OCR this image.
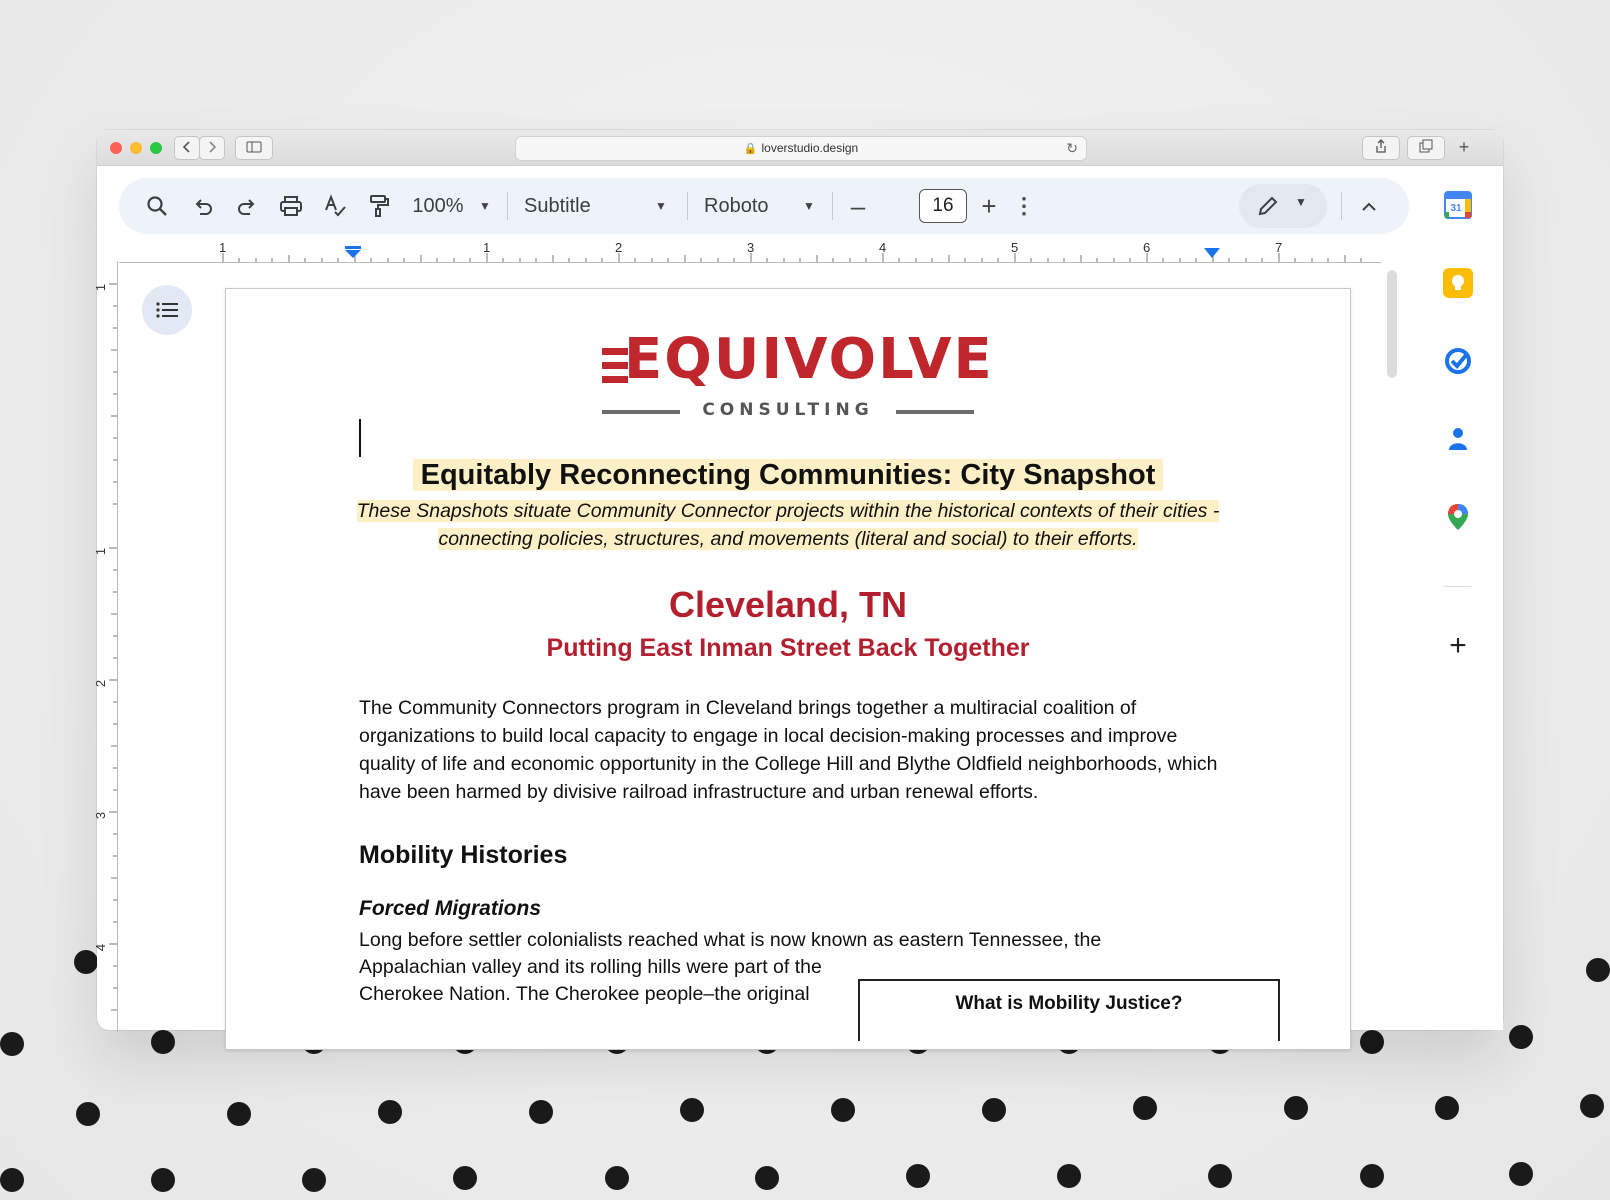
🔒 loverstudio.design	↻	+
100%	▼	Subtitle	▼	Roboto	▼ –	16	+ ⋮	▼
1	1	2	3	4	5	6	7
1
1
2
3
4
EQUIVOLVE
CONSULTING
Equitably Reconnecting Communities: City Snapshot
These Snapshots situate Community Connector projects within the historical contexts of their cities - connecting policies, structures, and movements (literal and social) to their efforts.
Cleveland, TN
Putting East Inman Street Back Together
The Community Connectors program in Cleveland brings together a multiracial coalition of organizations to build local capacity to engage in local decision-making processes and improve quality of life and economic opportunity in the College Hill and Blythe Oldfield neighborhoods, which have been harmed by divisive railroad infrastructure and urban renewal efforts.
Mobility Histories
Forced Migrations
Long before settler colonialists reached what is now known as eastern Tennessee, the
Appalachian valley and its rolling hills were part of the
Cherokee Nation. The Cherokee people–the original	What is Mobility Justice?
31
+
